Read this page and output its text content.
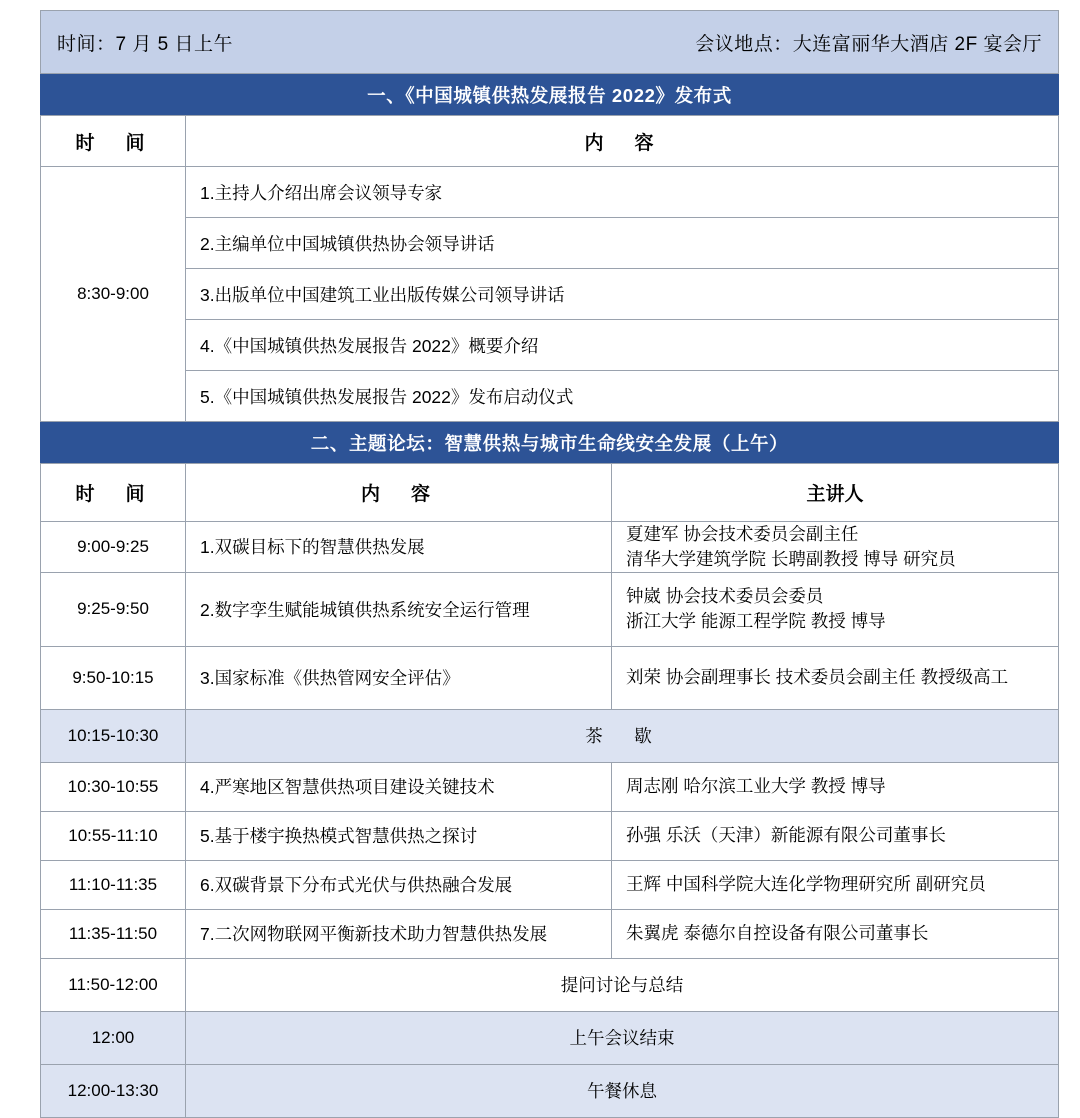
时间：7 月 5 日上午 会议地点：大连富丽华大酒店 2F 宴会厅		

一、《中国城镇供热发展报告 2022》发布式		
时　间	内　容	
8:30-9:00	1.主持人介绍出席会议领导专家	
	2.主编单位中国城镇供热协会领导讲话	
	3.出版单位中国建筑工业出版传媒公司领导讲话	
	4.《中国城镇供热发展报告 2022》概要介绍	
	5.《中国城镇供热发展报告 2022》发布启动仪式	
二、主题论坛：智慧供热与城市生命线安全发展（上午）		
时　间	内　容	主讲人
9:00-9:25	1.双碳目标下的智慧供热发展	夏建军 协会技术委员会副主任
清华大学建筑学院 长聘副教授 博导 研究员

9:25-9:50	2.数字孪生赋能城镇供热系统安全运行管理	钟崴 协会技术委员会委员
浙江大学 能源工程学院 教授 博导

9:50-10:15	3.国家标准《供热管网安全评估》	刘荣 协会副理事长 技术委员会副主任 教授级高工
10:15-10:30	茶　歇	
10:30-10:55	4.严寒地区智慧供热项目建设关键技术	周志刚 哈尔滨工业大学 教授 博导
10:55-11:10	5.基于楼宇换热模式智慧供热之探讨	孙强 乐沃（天津）新能源有限公司董事长
11:10-11:35	6.双碳背景下分布式光伏与供热融合发展	王辉 中国科学院大连化学物理研究所 副研究员
11:35-11:50	7.二次网物联网平衡新技术助力智慧供热发展	朱翼虎 泰德尔自控设备有限公司董事长
11:50-12:00	提问讨论与总结	
12:00	上午会议结束	
12:00-13:30	午餐休息	
